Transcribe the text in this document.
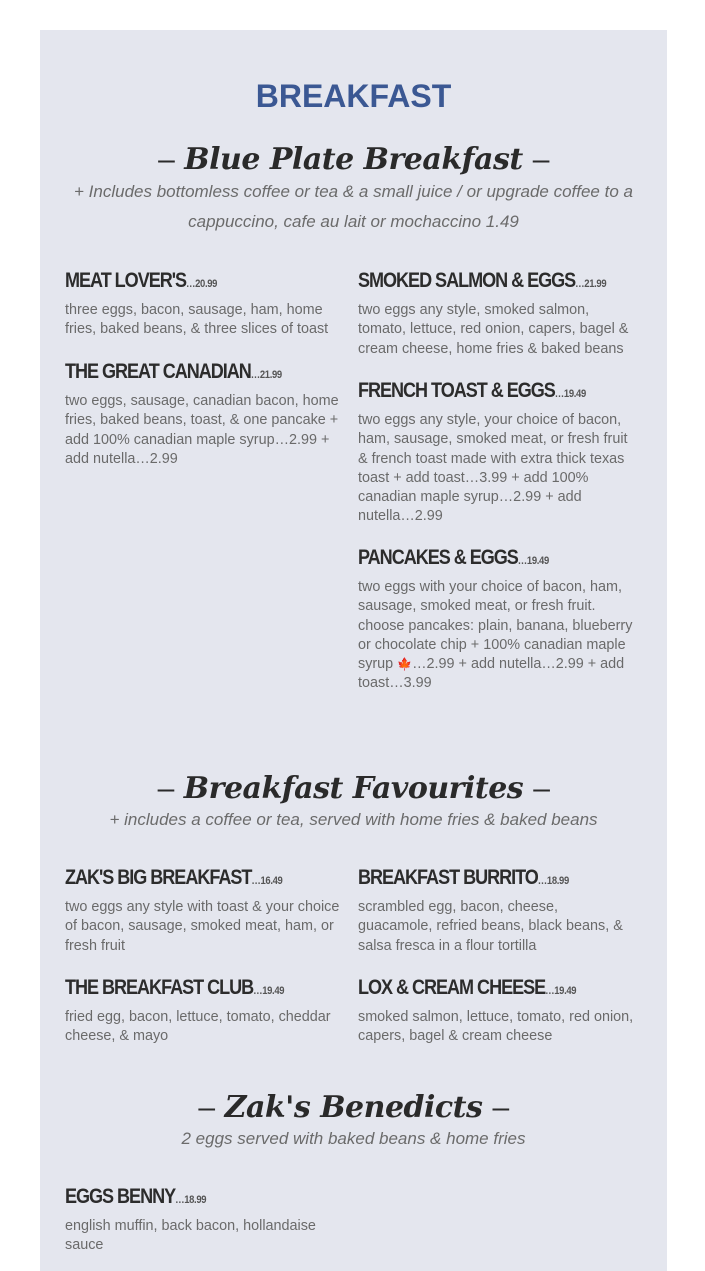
BREAKFAST
– Blue Plate Breakfast –

+ Includes bottomless coffee or tea & a small juice / or upgrade coffee to a cappuccino, cafe au lait or mochaccino 1.49

MEAT LOVER'S…20.99
three eggs, bacon, sausage, ham, home fries, baked beans, & three slices of toast
THE GREAT CANADIAN…21.99
two eggs, sausage, canadian bacon, home fries, baked beans, toast, & one pancake + add 100% canadian maple syrup…2.99 + add nutella…2.99
SMOKED SALMON & EGGS…21.99
two eggs any style, smoked salmon, tomato, lettuce, red onion, capers, bagel & cream cheese, home fries & baked beans
FRENCH TOAST & EGGS…19.49
two eggs any style, your choice of bacon, ham, sausage, smoked meat, or fresh fruit & french toast made with extra thick texas toast + add toast…3.99 + add 100% canadian maple syrup…2.99 + add nutella…2.99
PANCAKES & EGGS…19.49
two eggs with your choice of bacon, ham, sausage, smoked meat, or fresh fruit. choose pancakes: plain, banana, blueberry or chocolate chip + 100% canadian maple syrup 🍁…2.99 + add nutella…2.99 + add toast…3.99
– Breakfast Favourites –

+ includes a coffee or tea, served with home fries & baked beans

ZAK'S BIG BREAKFAST…16.49
two eggs any style with toast & your choice of bacon, sausage, smoked meat, ham, or fresh fruit
BREAKFAST BURRITO…18.99
scrambled egg, bacon, cheese, guacamole, refried beans, black beans, & salsa fresca in a flour tortilla
THE BREAKFAST CLUB…19.49
fried egg, bacon, lettuce, tomato, cheddar cheese, & mayo
LOX & CREAM CHEESE…19.49
smoked salmon, lettuce, tomato, red onion, capers, bagel & cream cheese
– Zak's Benedicts –

2 eggs served with baked beans & home fries

EGGS BENNY…18.99
english muffin, back bacon, hollandaise sauce
